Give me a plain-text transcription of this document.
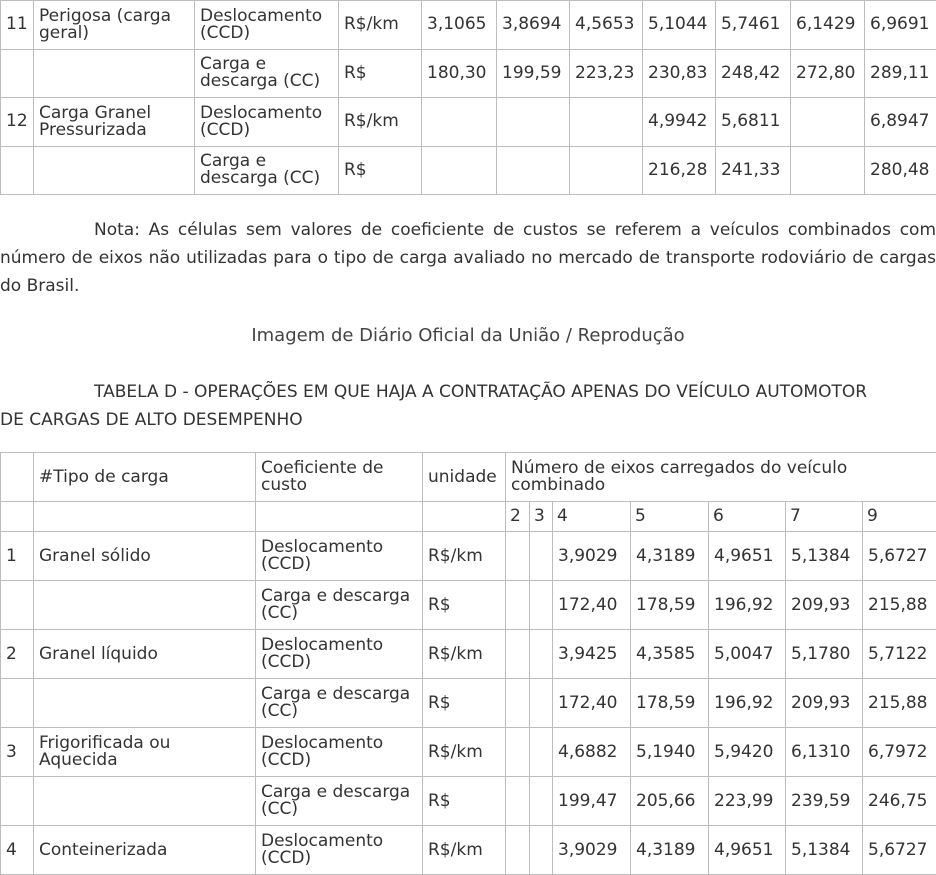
11	Perigosa (carga geral)	Deslocamento (CCD)	R$/km	3,1065	3,8694	4,5653	5,1044	5,7461	6,1429	6,9691
		Carga e descarga (CC)	R$	180,30	199,59	223,23	230,83	248,42	272,80	289,11
12	Carga Granel Pressurizada	Deslocamento (CCD)	R$/km				4,9942	5,6811		6,8947
		Carga e descarga (CC)	R$				216,28	241,33		280,48
Nota: As células sem valores de coeficiente de custos se referem a veículos combinados com número de eixos não utilizadas para o tipo de carga avaliado no mercado de transporte rodoviário de cargas do Brasil.
Imagem de Diário Oficial da União / Reprodução
TABELA D - OPERAÇÕES EM QUE HAJA A CONTRATAÇÃO APENAS DO VEÍCULO AUTOMOTOR
DE CARGAS DE ALTO DESEMPENHO
	#Tipo de carga	Coeficiente de custo	unidade	Número de eixos carregados do veículo combinado						
				2	3	4	5	6	7	9
1	Granel sólido	Deslocamento (CCD)	R$/km			3,9029	4,3189	4,9651	5,1384	5,6727
		Carga e descarga (CC)	R$			172,40	178,59	196,92	209,93	215,88
2	Granel líquido	Deslocamento (CCD)	R$/km			3,9425	4,3585	5,0047	5,1780	5,7122
		Carga e descarga (CC)	R$			172,40	178,59	196,92	209,93	215,88
3	Frigorificada ou Aquecida	Deslocamento (CCD)	R$/km			4,6882	5,1940	5,9420	6,1310	6,7972
		Carga e descarga (CC)	R$			199,47	205,66	223,99	239,59	246,75
4	Conteinerizada	Deslocamento (CCD)	R$/km			3,9029	4,3189	4,9651	5,1384	5,6727
